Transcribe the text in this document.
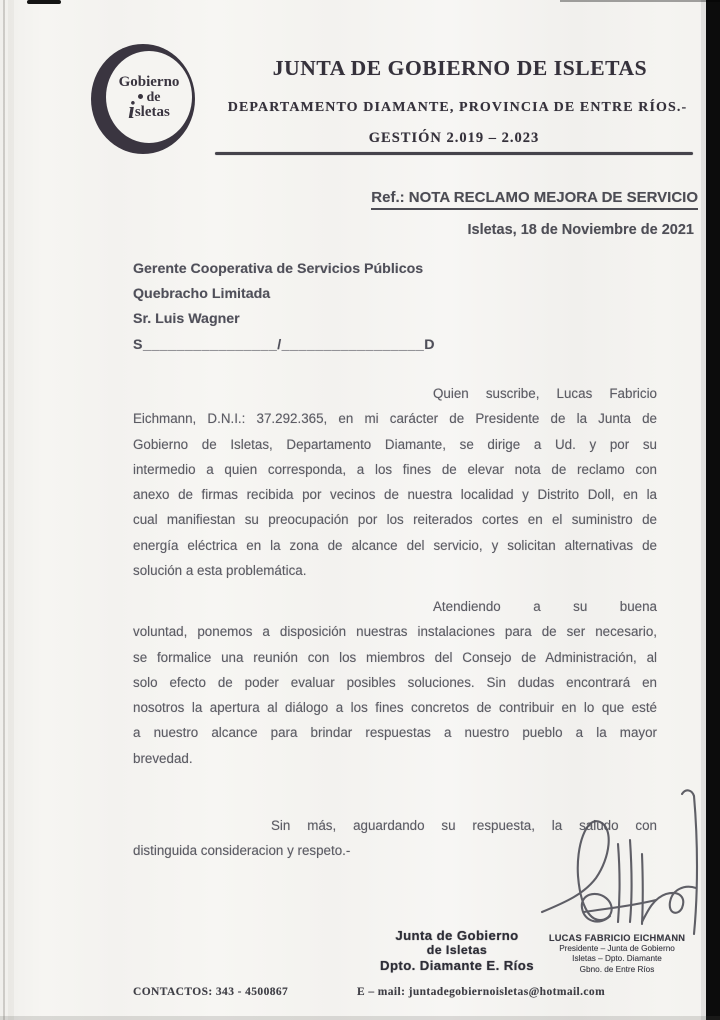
Gobierno
de
isletas
JUNTA DE GOBIERNO DE ISLETAS
DEPARTAMENTO DIAMANTE, PROVINCIA DE ENTRE RÍOS.-
GESTIÓN 2.019 – 2.023
Ref.: NOTA RECLAMO MEJORA DE SERVICIO
Isletas, 18 de Noviembre de 2021
Gerente Cooperativa de Servicios Públicos
Quebracho Limitada
Sr. Luis Wagner
S________________/_________________D
Quien suscribe, Lucas Fabricio
Eichmann, D.N.I.: 37.292.365, en mi carácter de Presidente de la Junta de
Gobierno de Isletas, Departamento Diamante, se dirige a Ud. y por su
intermedio a quien corresponda, a los fines de elevar nota de reclamo con
anexo de firmas recibida por vecinos de nuestra localidad y Distrito Doll, en la
cual manifiestan su preocupación por los reiterados cortes en el suministro de
energía eléctrica en la zona de alcance del servicio, y solicitan alternativas de
solución a esta problemática.
Atendiendo a su buena
voluntad, ponemos a disposición nuestras instalaciones para de ser necesario,
se formalice una reunión con los miembros del Consejo de Administración, al
solo efecto de poder evaluar posibles soluciones. Sin dudas encontrará en
nosotros la apertura al diálogo a los fines concretos de contribuir en lo que esté
a nuestro alcance para brindar respuestas a nuestro pueblo a la mayor
brevedad.
Sin más, aguardando su respuesta, la saludo con
distinguida consideracion y respeto.-
Junta de Gobierno
de Isletas
Dpto. Diamante E. Ríos
LUCAS FABRICIO EICHMANN
Presidente – Junta de Gobierno
Isletas – Dpto. Diamante
Gbno. de Entre Ríos
CONTACTOS: 343 - 4500867	E – mail: juntadegobiernoisletas@hotmail.com
